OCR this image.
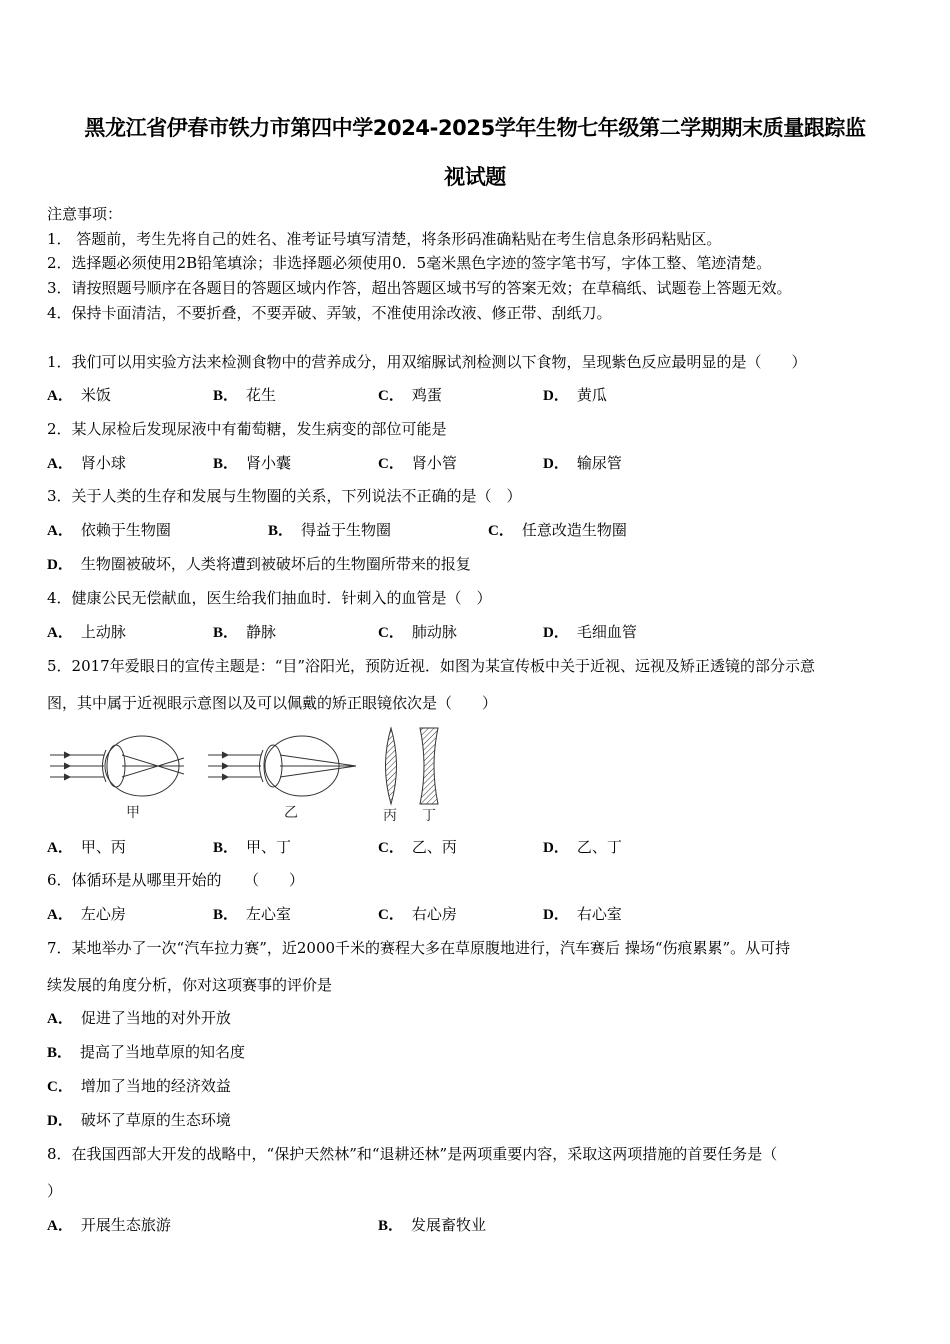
黑龙江省伊春市铁力市第四中学2024-2025学年生物七年级第二学期期末质量跟踪监
视试题
注意事项：
1． 答题前，考生先将自己的姓名、准考证号填写清楚，将条形码准确粘贴在考生信息条形码粘贴区。
2．选择题必须使用2B铅笔填涂；非选择题必须使用0．5毫米黑色字迹的签字笔书写，字体工整、笔迹清楚。
3．请按照题号顺序在各题目的答题区域内作答，超出答题区域书写的答案无效；在草稿纸、试题卷上答题无效。
4．保持卡面清洁，不要折叠，不要弄破、弄皱，不准使用涂改液、修正带、刮纸刀。
1．我们可以用实验方法来检测食物中的营养成分，用双缩脲试剂检测以下食物，呈现紫色反应最明显的是（　　）
A． 米饭	B． 花生	C． 鸡蛋	D． 黄瓜
2．某人尿检后发现尿液中有葡萄糖，发生病变的部位可能是
A． 肾小球	B． 肾小囊	C． 肾小管	D． 输尿管
3．关于人类的生存和发展与生物圈的关系，下列说法不正确的是（　）
A． 依赖于生物圈	B． 得益于生物圈	C． 任意改造生物圈
D． 生物圈被破坏，人类将遭到被破坏后的生物圈所带来的报复
4．健康公民无偿献血，医生给我们抽血时．针刺入的血管是（　）
A． 上动脉	B． 静脉	C． 肺动脉	D． 毛细血管
5．2017年爱眼日的宣传主题是：“目”浴阳光，预防近视．如图为某宣传板中关于近视、远视及矫正透镜的部分示意
图，其中属于近视眼示意图以及可以佩戴的矫正眼镜依次是（　　）
甲	乙	丙 丁
A． 甲、丙	B． 甲、丁	C． 乙、丙	D． 乙、丁
6．体循环是从哪里开始的　　（　　）
A． 左心房	B． 左心室	C． 右心房	D． 右心室
7．某地举办了一次“汽车拉力赛”，近2000千米的赛程大多在草原腹地进行，汽车赛后 操场“伤痕累累”。从可持
续发展的角度分析，你对这项赛事的评价是
A． 促进了当地的对外开放
B． 提高了当地草原的知名度
C． 增加了当地的经济效益
D． 破坏了草原的生态环境
8．在我国西部大开发的战略中，“保护天然林”和“退耕还林”是两项重要内容，采取这两项措施的首要任务是（
）
A． 开展生态旅游	B． 发展畜牧业
